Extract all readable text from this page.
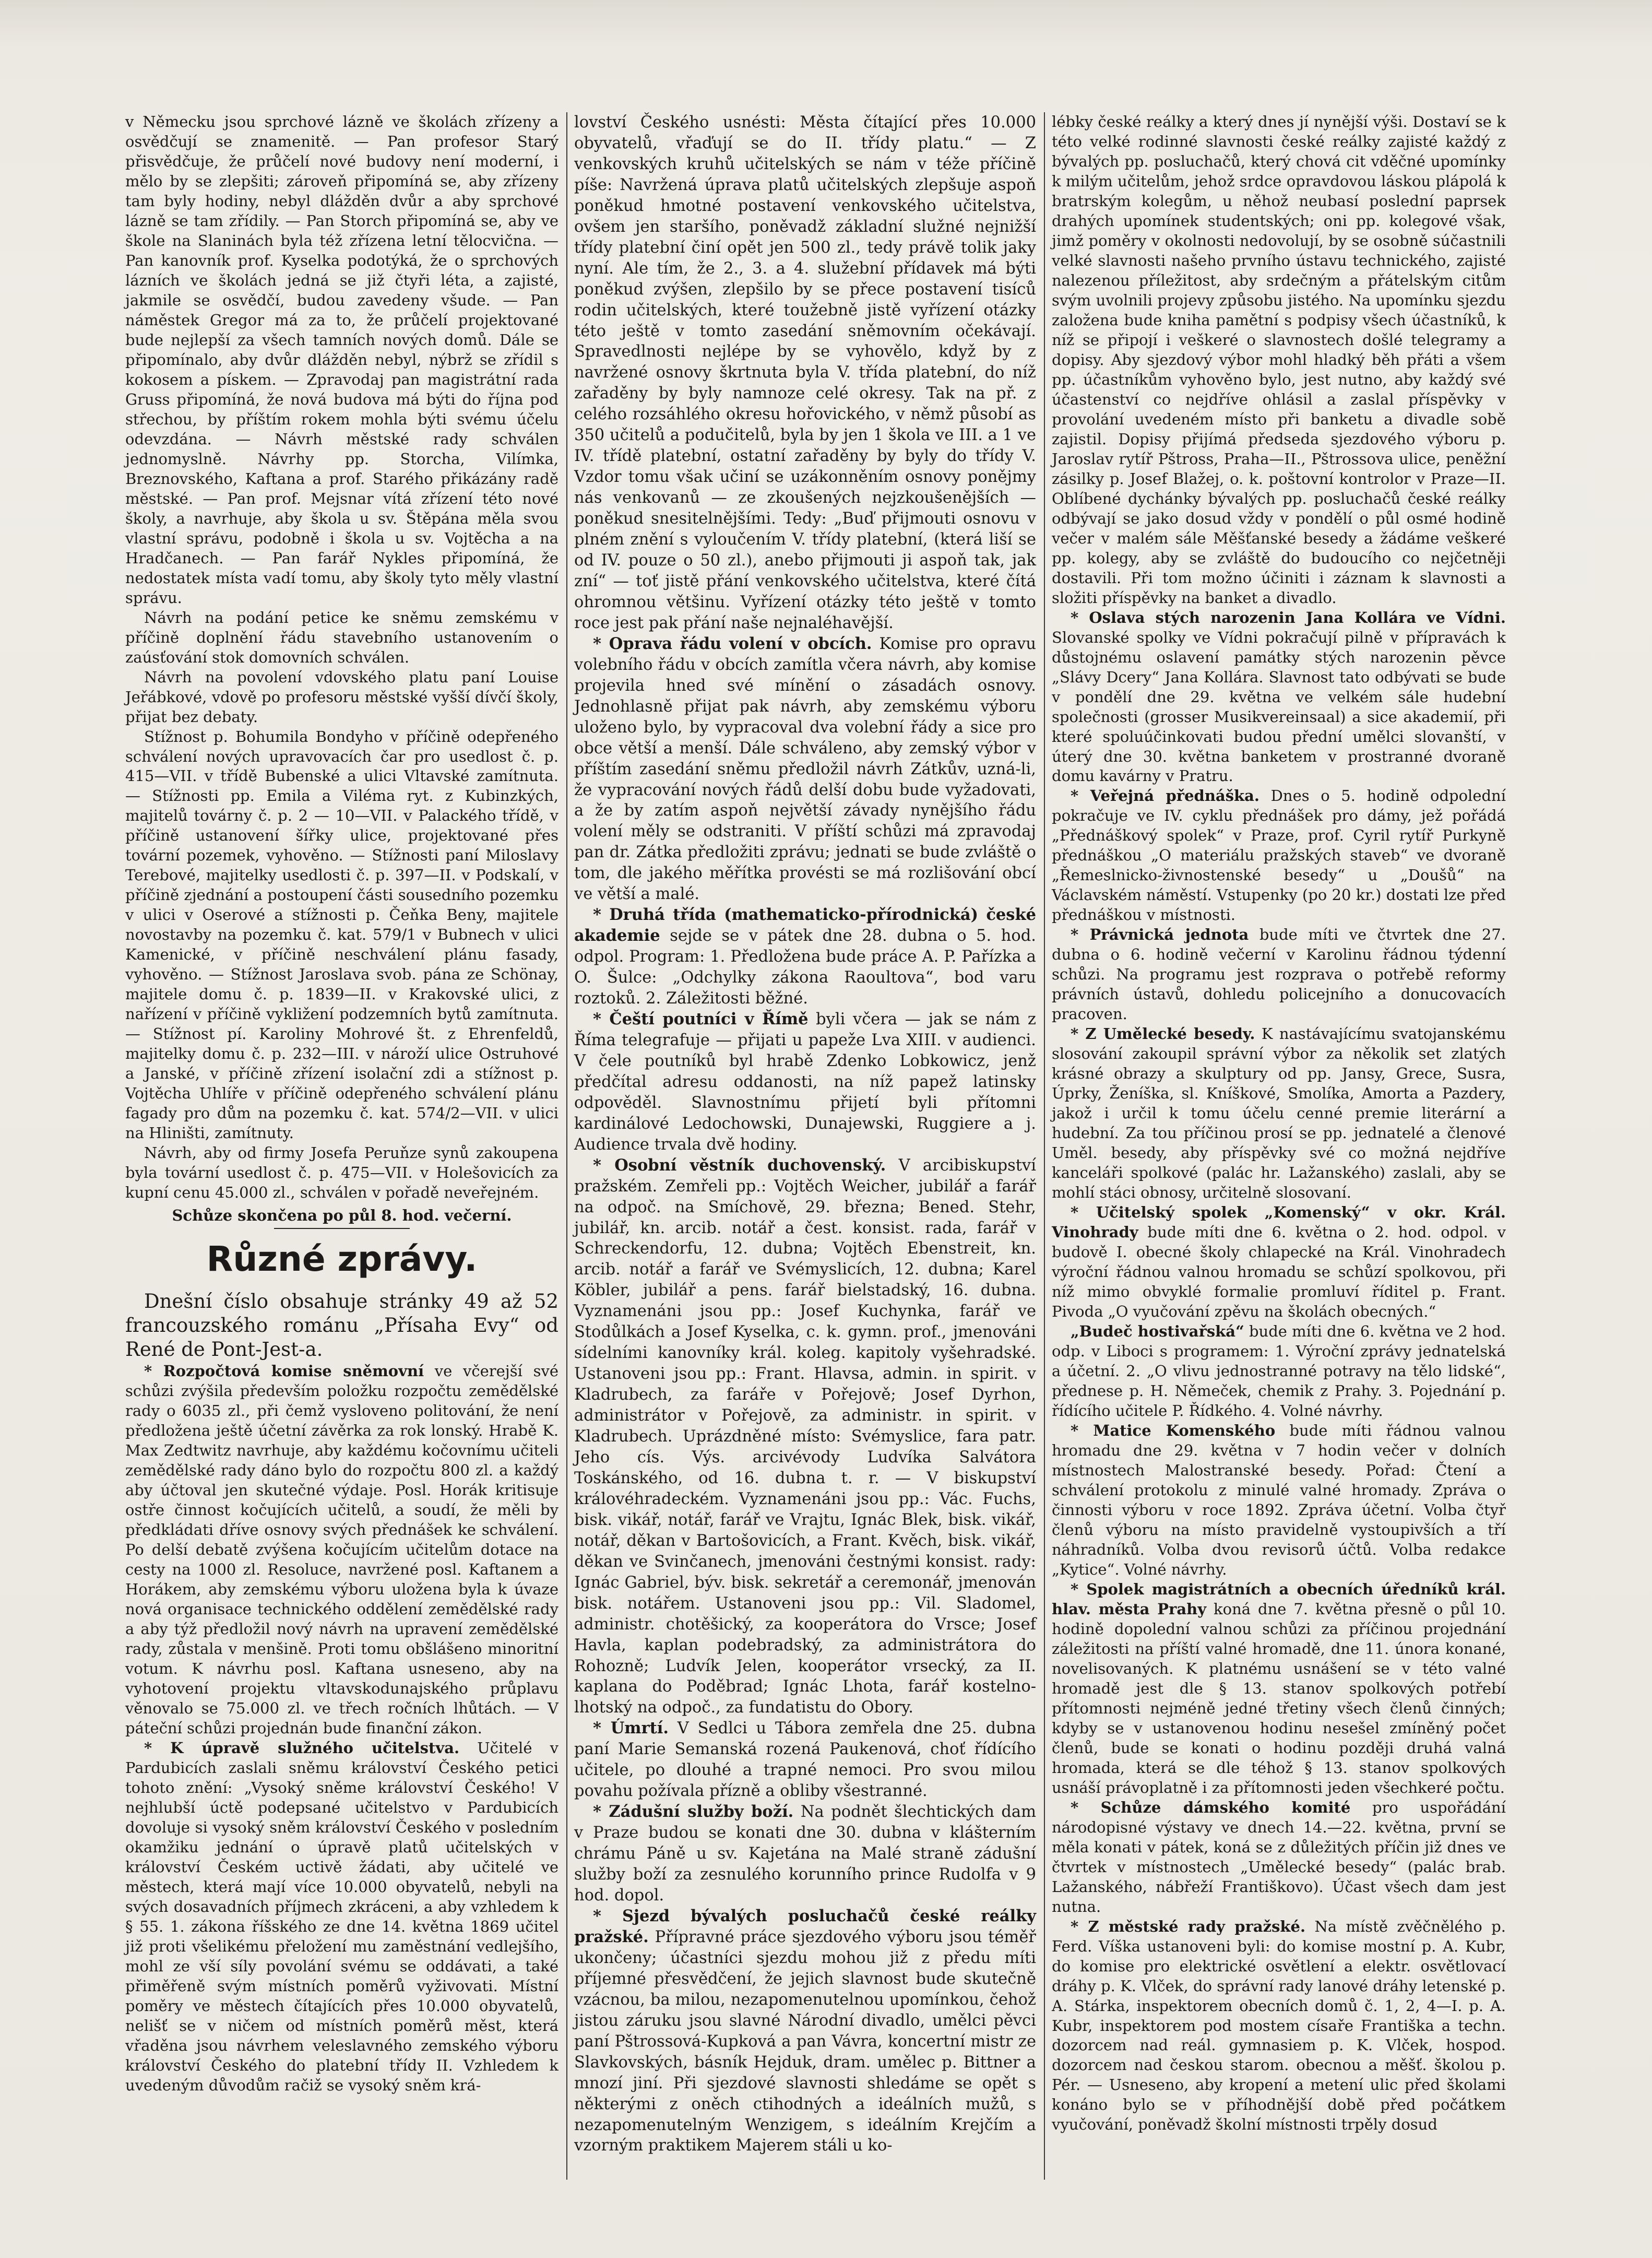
v Německu jsou sprchové lázně ve školách zřízeny a osvědčují se znamenitě. — Pan profesor Starý přisvědčuje, že průčelí nové budovy není moderní, i mělo by se zlepšiti; zároveň připomíná se, aby zřízeny tam byly hodiny, nebyl dlážděn dvůr a aby sprchové lázně se tam zřídily. — Pan Storch připomíná se, aby ve škole na Slaninách byla též zřízena letní tělocvična. — Pan kanovník prof. Kyselka podotýká, že o sprchových lázních ve školách jedná se již čtyři léta, a zajisté, jakmile se osvědčí, budou zavedeny všude. — Pan náměstek Gregor má za to, že průčelí projektované bude nejlepší za všech tamních nových domů. Dále se připomínalo, aby dvůr dlážděn nebyl, nýbrž se zřídil s kokosem a pískem. — Zpravodaj pan magistrátní rada Gruss připomíná, že nová budova má býti do října pod střechou, by příštím rokem mohla býti svému účelu odevzdána. — Návrh městské rady schválen jednomyslně. Návrhy pp. Storcha, Vilímka, Breznovského, Kaftana a prof. Starého přikázány radě městské. — Pan prof. Mejsnar vítá zřízení této nové školy, a navrhuje, aby škola u sv. Štěpána měla svou vlastní správu, podobně i škola u sv. Vojtěcha a na Hradčanech. — Pan farář Nykles připomíná, že nedostatek místa vadí tomu, aby školy tyto měly vlastní správu.

Návrh na podání petice ke sněmu zemskému v příčině doplnění řádu stavebního ustanovením o zaúsťování stok domovních schválen.

Návrh na povolení vdovského platu paní Louise Jeřábkové, vdově po profesoru městské vyšší dívčí školy, přijat bez debaty.

Stížnost p. Bohumila Bondyho v příčině odepřeného schválení nových upravovacích čar pro usedlost č. p. 415—VII. v třídě Bubenské a ulici Vltavské zamítnuta. — Stížnosti pp. Emila a Viléma ryt. z Kubinzkých, majitelů továrny č. p. 2 — 10—VII. v Palackého třídě, v příčině ustanovení šířky ulice, projektované přes tovární pozemek, vyhověno. — Stížnosti paní Miloslavy Terebové, majitelky usedlosti č. p. 397—II. v Podskalí, v příčině zjednání a postoupení části sousedního pozemku v ulici v Oserové a stížnosti p. Čeňka Beny, majitele novostavby na pozemku č. kat. 579/1 v Bubnech v ulici Kamenické, v příčině neschválení plánu fasady, vyhověno. — Stížnost Jaroslava svob. pána ze Schönay, majitele domu č. p. 1839—II. v Krakovské ulici, z nařízení v příčině vykližení podzemních bytů zamítnuta. — Stížnost pí. Karoliny Mohrové št. z Ehrenfeldů, majitelky domu č. p. 232—III. v nároží ulice Ostruhové a Janské, v příčině zřízení isolační zdi a stížnost p. Vojtěcha Uhlíře v příčině odepřeného schválení plánu fagady pro dům na pozemku č. kat. 574/2—VII. v ulici na Hliništi, zamítnuty.

Návrh, aby od firmy Josefa Peruňze synů zakoupena byla tovární usedlost č. p. 475—VII. v Holešovicích za kupní cenu 45.000 zl., schválen v pořadě neveřejném.

Schůze skončena po půl 8. hod. večerní.

Různé zprávy.

Dnešní číslo obsahuje stránky 49 až 52 francouzského románu „Přísaha Evy“ od René de Pont-Jest-a.

* Rozpočtová komise sněmovní ve včerejší své schůzi zvýšila především položku rozpočtu zemědělské rady o 6035 zl., při čemž vysloveno politování, že není předložena ještě účetní závěrka za rok lonský. Hrabě K. Max Zedtwitz navrhuje, aby každému kočovnímu učiteli zemědělské rady dáno bylo do rozpočtu 800 zl. a každý aby účtoval jen skutečné výdaje. Posl. Horák kritisuje ostře činnost kočujících učitelů, a soudí, že měli by předkládati dříve osnovy svých přednášek ke schválení. Po delší debatě zvýšena kočujícím učitelům dotace na cesty na 1000 zl. Resoluce, navržené posl. Kaftanem a Horákem, aby zemskému výboru uložena byla k úvaze nová organisace technického oddělení zemědělské rady a aby týž předložil nový návrh na upravení zemědělské rady, zůstala v menšině. Proti tomu obšlášeno minoritní votum. K návrhu posl. Kaftana usneseno, aby na vyhotovení projektu vltavskodunajského průplavu věnovalo se 75.000 zl. ve třech ročních lhůtách. — V páteční schůzi projednán bude finanční zákon.

* K úpravě služného učitelstva. Učitelé v Pardubicích zaslali sněmu království Českého petici tohoto znění: „Vysoký sněme království Českého! V nejhlubší úctě podepsané učitelstvo v Pardubicích dovoluje si vysoký sněm království Českého v posledním okamžiku jednání o úpravě platů učitelských v království Českém uctivě žádati, aby učitelé ve městech, která mají více 10.000 obyvatelů, nebyli na svých dosavadních příjmech zkráceni, a aby vzhledem k § 55. 1. zákona říšského ze dne 14. května 1869 učitel již proti všelikému přeložení mu zaměstnání vedlejšího, mohl ze vší síly povolání svému se oddávati, a také přiměřeně svým místních poměrů vyživovati. Místní poměry ve městech čítajících přes 10.000 obyvatelů, nelišť se v ničem od místních poměrů měst, která vřaděna jsou návrhem veleslavného zemského výboru království Českého do platební třídy II. Vzhledem k uvedeným důvodům račiž se vysoký sněm krá-

lovství Českého usnésti: Města čítající přes 10.000 obyvatelů, vřaďují se do II. třídy platu.“ — Z venkovských kruhů učitelských se nám v téže příčině píše: Navržená úprava platů učitelských zlepšuje aspoň poněkud hmotné postavení venkovského učitelstva, ovšem jen staršího, poněvadž základní služné nejnižší třídy platební činí opět jen 500 zl., tedy právě tolik jaky nyní. Ale tím, že 2., 3. a 4. služební přídavek má býti poněkud zvýšen, zlepšilo by se přece postavení tisíců rodin učitelských, které toužebně jistě vyřízení otázky této ještě v tomto zasedání sněmovním očekávají. Spravedlnosti nejlépe by se vyhovělo, když by z navržené osnovy škrtnuta byla V. třída platební, do níž zařaděny by byly namnoze celé okresy. Tak na př. z celého rozsáhlého okresu hořovického, v němž působí as 350 učitelů a podučitelů, byla by jen 1 škola ve III. a 1 ve IV. třídě platební, ostatní zařaděny by byly do třídy V. Vzdor tomu však učiní se uzákonněním osnovy ponějmy nás venkovanů — ze zkoušených nejzkoušenějších — poněkud snesitelnějšími. Tedy: „Buď přijmouti osnovu v plném znění s vyloučením V. třídy platební, (která liší se od IV. pouze o 50 zl.), anebo přijmouti ji aspoň tak, jak zní“ — toť jistě přání venkovského učitelstva, které čítá ohromnou většinu. Vyřízení otázky této ještě v tomto roce jest pak přání naše nejnaléhavější.

* Oprava řádu volení v obcích. Komise pro opravu volebního řádu v obcích zamítla včera návrh, aby komise projevila hned své mínění o zásadách osnovy. Jednohlasně přijat pak návrh, aby zemskému výboru uloženo bylo, by vypracoval dva volební řády a sice pro obce větší a menší. Dále schváleno, aby zemský výbor v příštím zasedání sněmu předložil návrh Zátkův, uzná-li, že vypracování nových řádů delší dobu bude vyžadovati, a že by zatím aspoň největší závady nynějšího řádu volení měly se odstraniti. V příští schůzi má zpravodaj pan dr. Zátka předložiti zprávu; jednati se bude zvláště o tom, dle jakého měřítka provésti se má rozlišování obcí ve větší a malé.

* Druhá třída (mathematicko-přírodnická) české akademie sejde se v pátek dne 28. dubna o 5. hod. odpol. Program: 1. Předložena bude práce A. P. Pařízka a O. Šulce: „Odchylky zákona Raoultova“, bod varu roztoků. 2. Záležitosti běžné.

* Čeští poutníci v Římě byli včera — jak se nám z Říma telegrafuje — přijati u papeže Lva XIII. v audienci. V čele poutníků byl hrabě Zdenko Lobkowicz, jenž předčítal adresu oddanosti, na níž papež latinsky odpověděl. Slavnostnímu přijetí byli přítomni kardinálové Ledochowski, Dunajewski, Ruggiere a j. Audience trvala dvě hodiny.

* Osobní věstník duchovenský. V arcibiskupství pražském. Zemřeli pp.: Vojtěch Weicher, jubilář a farář na odpoč. na Smíchově, 29. března; Bened. Stehr, jubilář, kn. arcib. notář a čest. konsist. rada, farář v Schreckendorfu, 12. dubna; Vojtěch Ebenstreit, kn. arcib. notář a farář ve Svémyslicích, 12. dubna; Karel Köbler, jubilář a pens. farář bielstadský, 16. dubna. Vyznamenáni jsou pp.: Josef Kuchynka, farář ve Stodůlkách a Josef Kyselka, c. k. gymn. prof., jmenováni sídelními kanovníky král. koleg. kapitoly vyšehradské. Ustanoveni jsou pp.: Frant. Hlavsa, admin. in spirit. v Kladrubech, za faráře v Pořejově; Josef Dyrhon, administrátor v Pořejově, za administr. in spirit. v Kladrubech. Uprázdněné místo: Svémyslice, fara patr. Jeho cís. Výs. arcivévody Ludvíka Salvátora Toskánského, od 16. dubna t. r. — V biskupství královéhradeckém. Vyznamenáni jsou pp.: Vác. Fuchs, bisk. vikář, notář, farář ve Vrajtu, Ignác Blek, bisk. vikář, notář, děkan v Bartošovicích, a Frant. Kvěch, bisk. vikář, děkan ve Svinčanech, jmenováni čestnými konsist. rady: Ignác Gabriel, býv. bisk. sekretář a ceremonář, jmenován bisk. notářem. Ustanoveni jsou pp.: Vil. Sladomel, administr. chotěšický, za kooperátora do Vrsce; Josef Havla, kaplan podebradský, za administrátora do Rohozně; Ludvík Jelen, kooperátor vrsecký, za II. kaplana do Poděbrad; Ignác Lhota, farář kostelno-lhotský na odpoč., za fundatistu do Obory.

* Úmrtí. V Sedlci u Tábora zemřela dne 25. dubna paní Marie Semanská rozená Paukenová, choť řídícího učitele, po dlouhé a trapné nemoci. Pro svou milou povahu požívala přízně a obliby všestranné.

* Zádušní služby boží. Na podnět šlechtických dam v Praze budou se konati dne 30. dubna v klášterním chrámu Páně u sv. Kajetána na Malé straně zádušní služby boží za zesnulého korunního prince Rudolfa v 9 hod. dopol.

* Sjezd bývalých posluchačů české reálky pražské. Přípravné práce sjezdového výboru jsou téměř ukončeny; účastníci sjezdu mohou již z předu míti příjemné přesvědčení, že jejich slavnost bude skutečně vzácnou, ba milou, nezapomenutelnou upomínkou, čehož jistou záruku jsou slavné Národní divadlo, umělci pěvci paní Pštrossová-Kupková a pan Vávra, koncertní mistr ze Slavkovských, básník Hejduk, dram. umělec p. Bittner a mnozí jiní. Při sjezdové slavnosti shledáme se opět s některými z oněch ctihodných a ideálních mužů, s nezapomenutelným Wenzigem, s ideálním Krejčím a vzorným praktikem Majerem stáli u ko-

lébky české reálky a který dnes jí nynější výši. Dostaví se k této velké rodinné slavnosti české reálky zajisté každý z bývalých pp. posluchačů, který chová cit vděčné upomínky k milým učitelům, jehož srdce opravdovou láskou plápolá k bratrským kolegům, u něhož neubasí poslední paprsek drahých upomínek studentských; oni pp. kolegové však, jimž poměry v okolnosti nedovolují, by se osobně súčastnili velké slavnosti našeho prvního ústavu technického, zajisté nalezenou příležitost, aby srdečným a přátelským citům svým uvolnili projevy způsobu jistého. Na upomínku sjezdu založena bude kniha pamětní s podpisy všech účastníků, k níž se připojí i veškeré o slavnostech došlé telegramy a dopisy. Aby sjezdový výbor mohl hladký běh přáti a všem pp. účastníkům vyhověno bylo, jest nutno, aby každý své účastenství co nejdříve ohlásil a zaslal příspěvky v provolání uvedeném místo při banketu a divadle sobě zajistil. Dopisy přijímá předseda sjezdového výboru p. Jaroslav rytíř Pštross, Praha—II., Pštrossova ulice, peněžní zásilky p. Josef Blažej, o. k. poštovní kontrolor v Praze—II. Oblíbené dychánky bývalých pp. posluchačů české reálky odbývají se jako dosud vždy v pondělí o půl osmé hodině večer v malém sále Měšťanské besedy a žádáme veškeré pp. kolegy, aby se zvláště do budoucího co nejčetněji dostavili. Při tom možno účiniti i záznam k slavnosti a složiti příspěvky na banket a divadlo.

* Oslava stých narozenin Jana Kollára ve Vídni. Slovanské spolky ve Vídni pokračují pilně v přípravách k důstojnému oslavení památky stých narozenin pěvce „Slávy Dcery“ Jana Kollára. Slavnost tato odbývati se bude v pondělí dne 29. května ve velkém sále hudební společnosti (grosser Musikvereinsaal) a sice akademií, při které spoluúčinkovati budou přední umělci slovanští, v úterý dne 30. května banketem v prostranné dvoraně domu kavárny v Pratru.

* Veřejná přednáška. Dnes o 5. hodině odpolední pokračuje ve IV. cyklu přednášek pro dámy, jež pořádá „Přednáškový spolek“ v Praze, prof. Cyril rytíř Purkyně přednáškou „O materiálu pražských staveb“ ve dvoraně „Řemeslnicko-živnostenské besedy“ u „Doušů“ na Václavském náměstí. Vstupenky (po 20 kr.) dostati lze před přednáškou v místnosti.

* Právnická jednota bude míti ve čtvrtek dne 27. dubna o 6. hodině večerní v Karolinu řádnou týdenní schůzi. Na programu jest rozprava o potřebě reformy právních ústavů, dohledu policejního a donucovacích pracoven.

* Z Umělecké besedy. K nastávajícímu svatojanskému slosování zakoupil správní výbor za několik set zlatých krásné obrazy a skulptury od pp. Jansy, Grece, Susra, Úprky, Ženíška, sl. Kníškové, Smolíka, Amorta a Pazdery, jakož i určil k tomu účelu cenné premie literární a hudební. Za tou příčinou prosí se pp. jednatelé a členové Uměl. besedy, aby příspěvky své co možná nejdříve kanceláři spolkové (palác hr. Lažanského) zaslali, aby se mohlí stáci obnosy, určitelně slosovaní.

* Učitelský spolek „Komenský“ v okr. Král. Vinohrady bude míti dne 6. května o 2. hod. odpol. v budově I. obecné školy chlapecké na Král. Vinohradech výroční řádnou valnou hromadu se schůzí spolkovou, při níž mimo obvyklé formalie promluví říditel p. Frant. Pivoda „O vyučování zpěvu na školách obecných.“

„Budeč hostivařská“ bude míti dne 6. května ve 2 hod. odp. v Liboci s programem: 1. Výroční zprávy jednatelská a účetní. 2. „O vlivu jednostranné potravy na tělo lidské“, přednese p. H. Němeček, chemik z Prahy. 3. Pojednání p. řídícího učitele P. Řídkého. 4. Volné návrhy.

* Matice Komenského bude míti řádnou valnou hromadu dne 29. května v 7 hodin večer v dolních místnostech Malostranské besedy. Pořad: Čtení a schválení protokolu z minulé valné hromady. Zpráva o činnosti výboru v roce 1892. Zpráva účetní. Volba čtyř členů výboru na místo pravidelně vystoupivších a tří náhradníků. Volba dvou revisorů účtů. Volba redakce „Kytice“. Volné návrhy.

* Spolek magistrátních a obecních úředníků král. hlav. města Prahy koná dne 7. května přesně o půl 10. hodině dopolední valnou schůzi za příčinou projednání záležitosti na příští valné hromadě, dne 11. února konané, novelisovaných. K platnému usnášení se v této valné hromadě jest dle § 13. stanov spolkových potřebí přítomnosti nejméně jedné třetiny všech členů činných; kdyby se v ustanovenou hodinu nesešel zmíněný počet členů, bude se konati o hodinu později druhá valná hromada, která se dle téhož § 13. stanov spolkových usnáší právoplatně i za přítomnosti jeden všechkeré počtu.

* Schůze dámského komité pro uspořádání národopisné výstavy ve dnech 14.—22. května, první se měla konati v pátek, koná se z důležitých příčin již dnes ve čtvrtek v místnostech „Umělecké besedy“ (palác brab. Lažanského, nábřeží Františkovo). Účast všech dam jest nutna.

* Z městské rady pražské. Na místě zvěčnělého p. Ferd. Víška ustanoveni byli: do komise mostní p. A. Kubr, do komise pro elektrické osvětlení a elektr. osvětlovací dráhy p. K. Vlček, do správní rady lanové dráhy letenské p. A. Stárka, inspektorem obecních domů č. 1, 2, 4—I. p. A. Kubr, inspektorem pod mostem císaře Františka a techn. dozorcem nad reál. gymnasiem p. K. Vlček, hospod. dozorcem nad českou starom. obecnou a měšť. školou p. Pér. — Usneseno, aby kropení a metení ulic před školami konáno bylo se v příhodnější době před počátkem vyučování, poněvadž školní místnosti trpěly dosud
